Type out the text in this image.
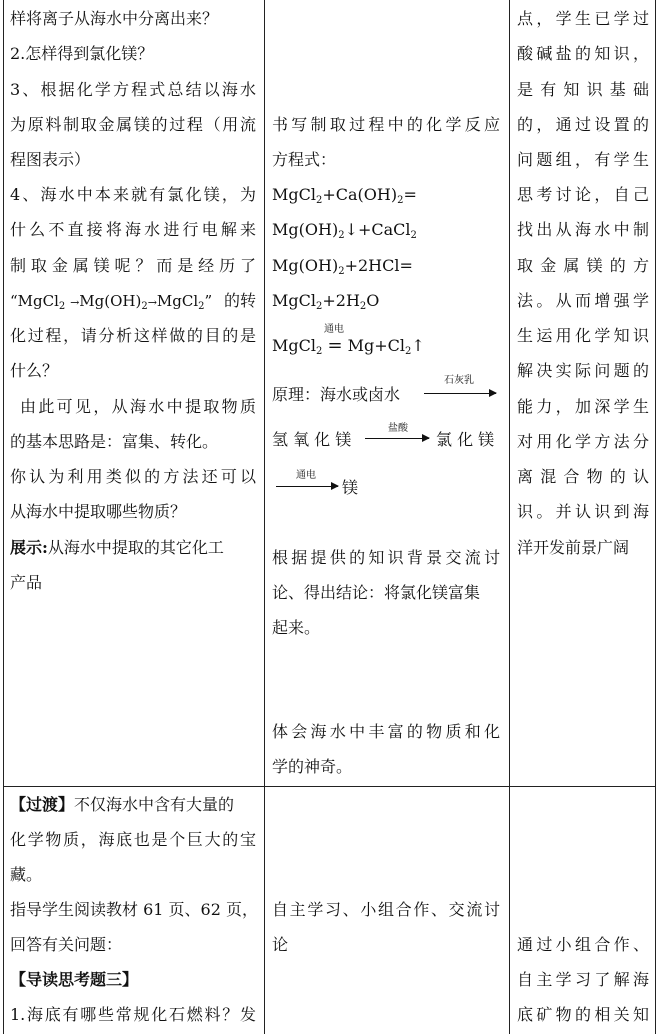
样将离子从海水中分离出来？
2.怎样得到氯化镁？
3、根据化学方程式总结以海水
为原料制取金属镁的过程（用流
程图表示）
4、海水中本来就有氯化镁，为
什么不直接将海水进行电解来
制取金属镁呢？而是经历了
“MgCl$_2$ $\to Mg(OH)_2\to MgCl_2$” 的转
化过程，请分析这样做的目的是
什么？
由此可见，从海水中提取物质
的基本思路是：富集、转化。
你认为利用类似的方法还可以
从海水中提取哪些物质？
展示:从海水中提取的其它化工
产品
书写制取过程中的化学反应
方程式：
$MgCl_2+Ca(OH)_2=$
$Mg(OH)_2↓+CaCl_2$
$Mg(OH)_2+2HCl=$
$MgCl_2+2H_2O$
通电
MgCl$_2$ = $Mg+Cl_2↑$
原理：海水或卤水
石灰乳
氢 氧 化 镁
盐酸
氯 化 镁
通电
镁
根据提供的知识背景交流讨
论、得出结论：将氯化镁富集
起来。
体会海水中丰富的物质和化
学的神奇。
点，学生已学过
酸碱盐的知识，
是 有 知 识 基 础
的，通过设置的
问题组，有学生
思考讨论，自己
找出从海水中制
取 金 属 镁 的 方
法。从而增强学
生运用化学知识
解决实际问题的
能力，加深学生
对用化学方法分
离 混 合 物 的 认
识。并认识到海
洋开发前景广阔
【过渡】不仅海水中含有大量的
化学物质，海底也是个巨大的宝
藏。
指导学生阅读教材 61 页、62 页，
回答有关问题：
【导读思考题三】
1.海底有哪些常规化石燃料？发
自主学习、小组合作、交流讨
论	通过小组合作、
自主学习了解海
底矿物的相关知
